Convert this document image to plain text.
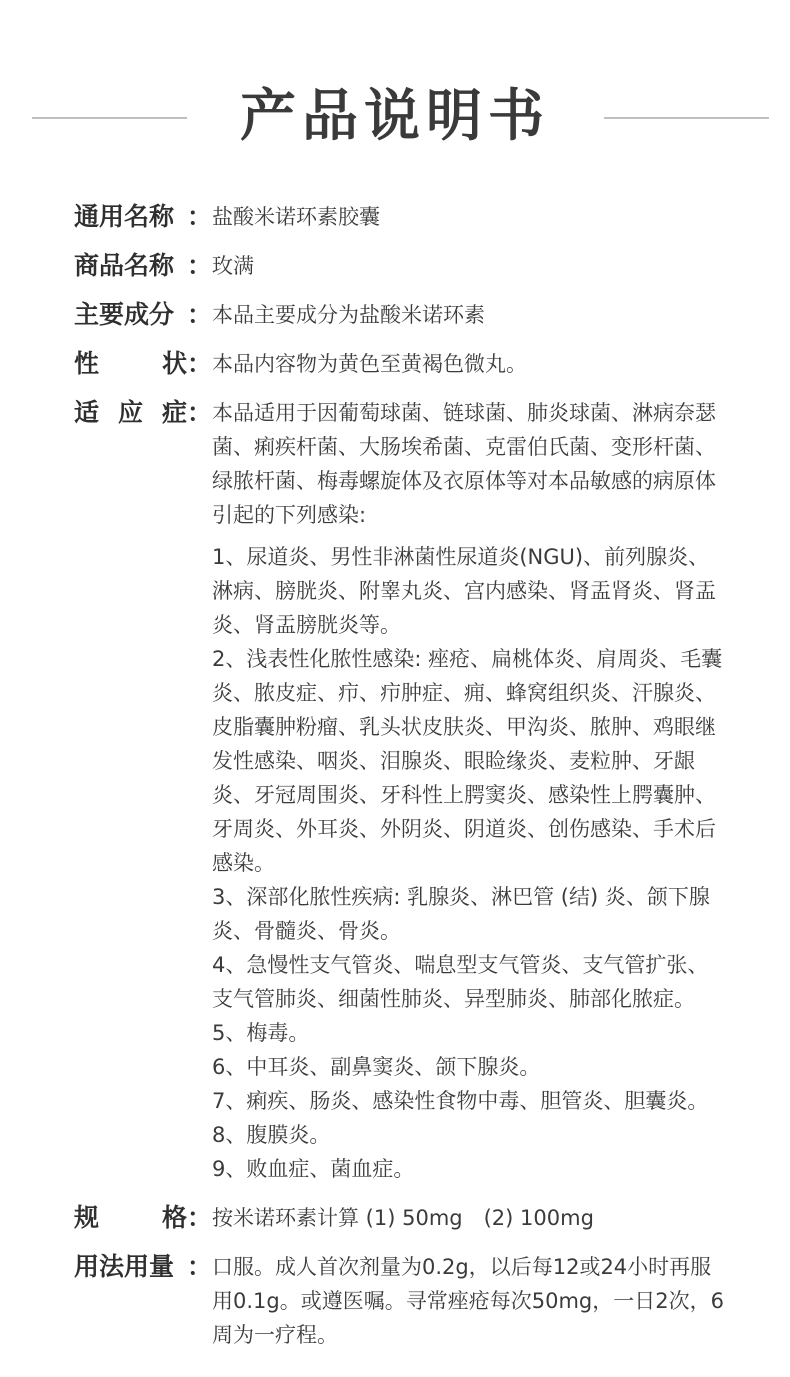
产品说明书
通用名称 ： 盐酸米诺环素胶囊
商品名称 ： 玫满
主要成分 ： 本品主要成分为盐酸米诺环素
性	状： 本品内容物为黄色至黄褐色微丸。
适 应 症： 本品适用于因葡萄球菌、链球菌、肺炎球菌、淋病奈瑟菌、痢疾杆菌、大肠埃希菌、克雷伯氏菌、变形杆菌、绿脓杆菌、梅毒螺旋体及衣原体等对本品敏感的病原体引起的下列感染:

1、尿道炎、男性非淋菌性尿道炎(NGU)、前列腺炎、淋病、膀胱炎、附睾丸炎、宫内感染、肾盂肾炎、肾盂炎、肾盂膀胱炎等。

2、浅表性化脓性感染: 痤疮、扁桃体炎、肩周炎、毛囊炎、脓皮症、疖、疖肿症、痈、蜂窝组织炎、汗腺炎、皮脂囊肿粉瘤、乳头状皮肤炎、甲沟炎、脓肿、鸡眼继发性感染、咽炎、泪腺炎、眼睑缘炎、麦粒肿、牙龈炎、牙冠周围炎、牙科性上腭窦炎、感染性上腭囊肿、牙周炎、外耳炎、外阴炎、阴道炎、创伤感染、手术后感染。

3、深部化脓性疾病: 乳腺炎、淋巴管 (结) 炎、颌下腺炎、骨髓炎、骨炎。

4、急慢性支气管炎、喘息型支气管炎、支气管扩张、支气管肺炎、细菌性肺炎、异型肺炎、肺部化脓症。

5、梅毒。

6、中耳炎、副鼻窦炎、颌下腺炎。

7、痢疾、肠炎、感染性食物中毒、胆管炎、胆囊炎。

8、腹膜炎。

9、败血症、菌血症。

规	格： 按米诺环素计算 (1) 50mg　(2) 100mg
用法用量 ： 口服。成人首次剂量为0.2g，以后每12或24小时再服用0.1g。或遵医嘱。寻常痤疮每次50mg，一日2次，6周为一疗程。
